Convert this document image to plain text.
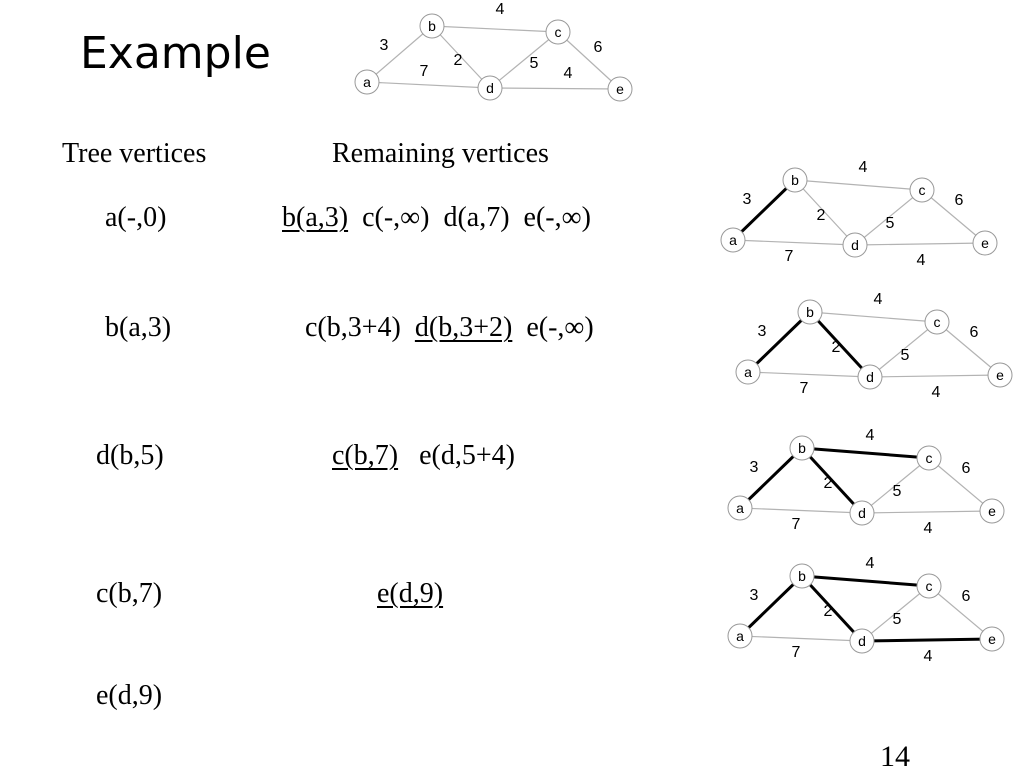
Example	3
4
2
7	5
6
4
a
b	c
d	e
Tree vertices	Remaining vertices
a(-,0)	b(a,3) c(-,∞) d(a,7) e(-,∞)
b(a,3)	c(b,3+4) d(b,3+2) e(-,∞)
d(b,5)	c(b,7) e(d,5+4)
c(b,7)	e(d,9)
e(d,9)
3
4
2
7
5
6
4
a
b
c
d	e
3
4
2
7
5
6
4
a
b
c
d	e
3
4
2
7
5
6
4
a
b
c
d	e
3
4
2
7
5
6
4
a
b
c
d	e
14
